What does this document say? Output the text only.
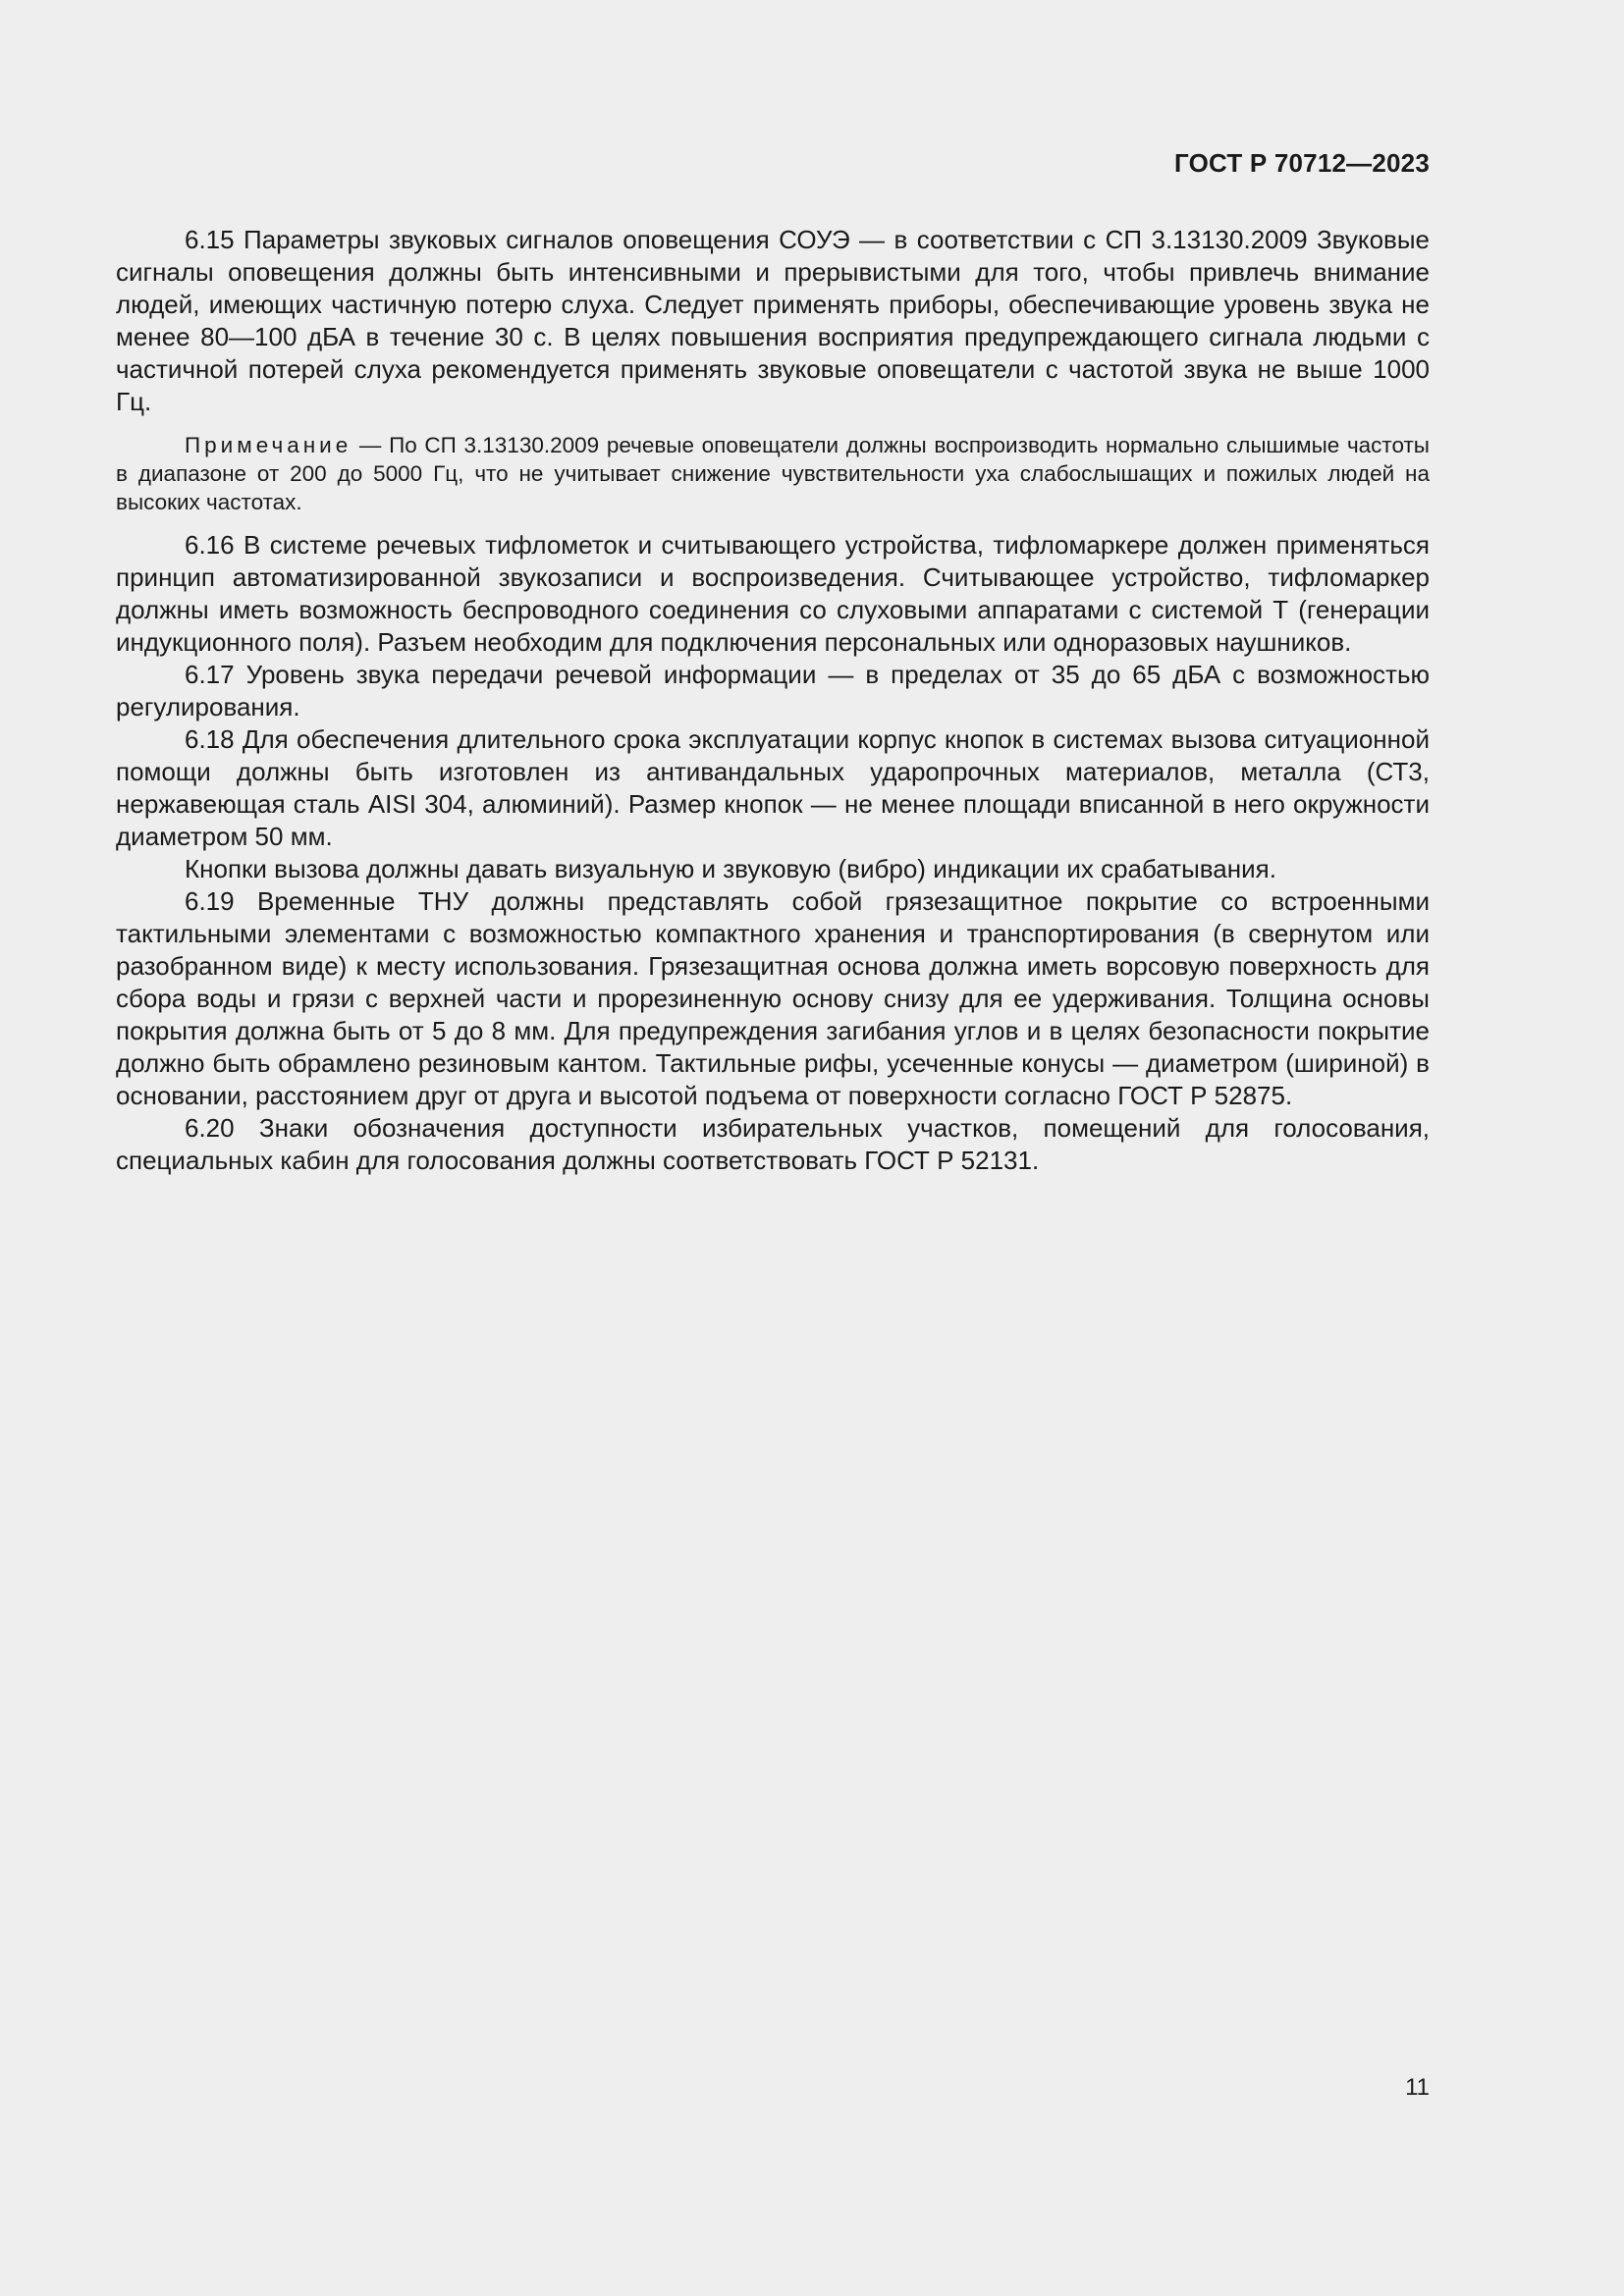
ГОСТ Р 70712—2023

6.15 Параметры звуковых сигналов оповещения СОУЭ — в соответствии с СП 3.13130.2009 Звуковые сигналы оповещения должны быть интенсивными и прерывистыми для того, чтобы привлечь внимание людей, имеющих частичную потерю слуха. Следует применять приборы, обеспечивающие уровень звука не менее 80—100 дБА в течение 30 с. В целях повышения восприятия предупреждающего сигнала людьми с частичной потерей слуха рекомендуется применять звуковые оповещатели с частотой звука не выше 1000 Гц.

Примечание — По СП 3.13130.2009 речевые оповещатели должны воспроизводить нормально слышимые частоты в диапазоне от 200 до 5000 Гц, что не учитывает снижение чувствительности уха слабослышащих и пожилых людей на высоких частотах.

6.16 В системе речевых тифлометок и считывающего устройства, тифломаркере должен применяться принцип автоматизированной звукозаписи и воспроизведения. Считывающее устройство, тифломаркер должны иметь возможность беспроводного соединения со слуховыми аппаратами с системой Т (генерации индукционного поля). Разъем необходим для подключения персональных или одноразовых наушников.

6.17 Уровень звука передачи речевой информации — в пределах от 35 до 65 дБА с возможностью регулирования.

6.18 Для обеспечения длительного срока эксплуатации корпус кнопок в системах вызова ситуационной помощи должны быть изготовлен из антивандальных ударопрочных материалов, металла (СТ3, нержавеющая сталь AISI 304, алюминий). Размер кнопок — не менее площади вписанной в него окружности диаметром 50 мм.

Кнопки вызова должны давать визуальную и звуковую (вибро) индикации их срабатывания.

6.19 Временные ТНУ должны представлять собой грязезащитное покрытие со встроенными тактильными элементами с возможностью компактного хранения и транспортирования (в свернутом или разобранном виде) к месту использования. Грязезащитная основа должна иметь ворсовую поверхность для сбора воды и грязи с верхней части и прорезиненную основу снизу для ее удерживания. Толщина основы покрытия должна быть от 5 до 8 мм. Для предупреждения загибания углов и в целях безопасности покрытие должно быть обрамлено резиновым кантом. Тактильные рифы, усеченные конусы — диаметром (шириной) в основании, расстоянием друг от друга и высотой подъема от поверхности согласно ГОСТ Р 52875.

6.20 Знаки обозначения доступности избирательных участков, помещений для голосования, специальных кабин для голосования должны соответствовать ГОСТ Р 52131.

11
